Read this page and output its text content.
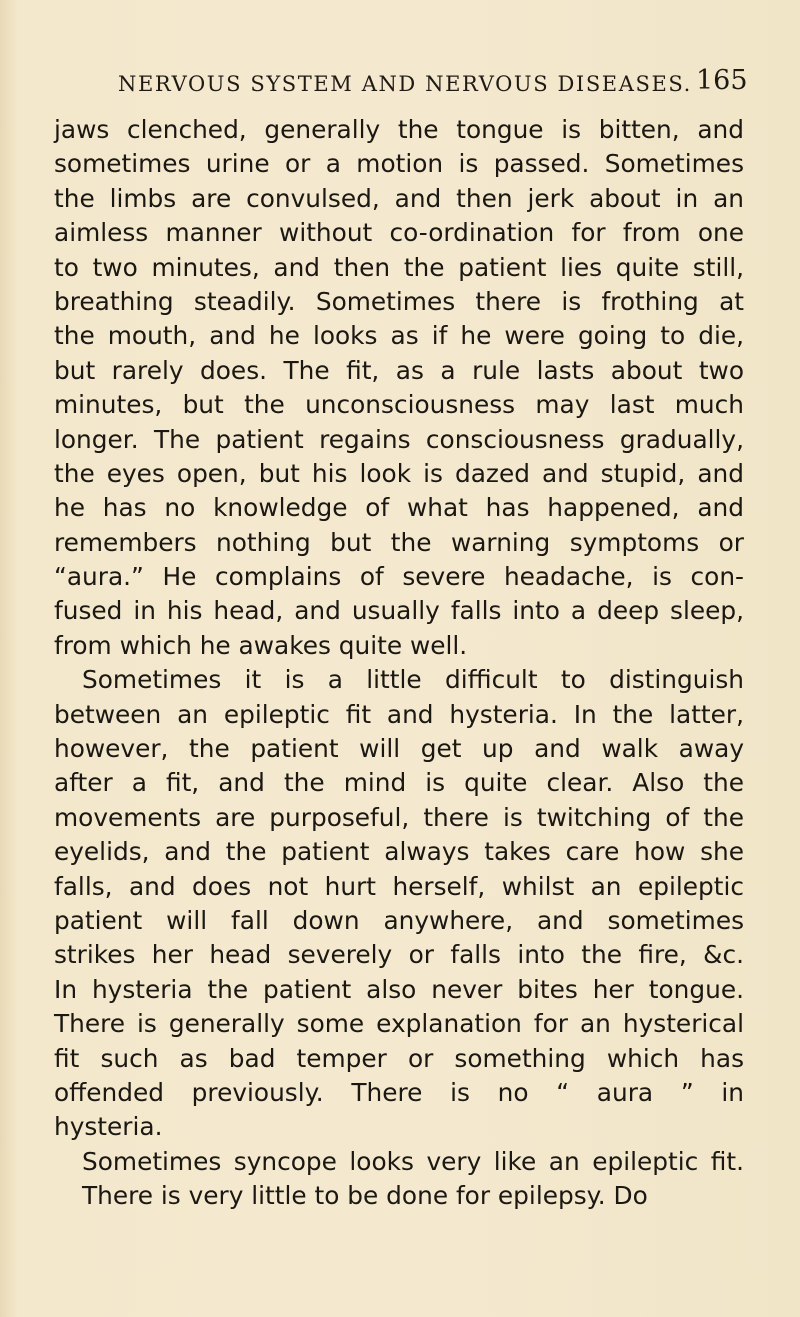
NERVOUS SYSTEM AND NERVOUS DISEASES. 165
jaws clenched, generally the tongue is bitten, and
sometimes urine or a motion is passed. Sometimes
the limbs are convulsed, and then jerk about in an
aimless manner without co-ordination for from one
to two minutes, and then the patient lies quite still,
breathing steadily. Sometimes there is frothing at
the mouth, and he looks as if he were going to die,
but rarely does. The fit, as a rule lasts about two
minutes, but the unconsciousness may last much
longer. The patient regains consciousness gradually,
the eyes open, but his look is dazed and stupid, and
he has no knowledge of what has happened, and
remembers nothing but the warning symptoms or
“aura.” He complains of severe headache, is con-
fused in his head, and usually falls into a deep sleep,
from which he awakes quite well.
Sometimes it is a little difficult to distinguish
between an epileptic fit and hysteria. In the latter,
however, the patient will get up and walk away
after a fit, and the mind is quite clear. Also the
movements are purposeful, there is twitching of the
eyelids, and the patient always takes care how she
falls, and does not hurt herself, whilst an epileptic
patient will fall down anywhere, and sometimes
strikes her head severely or falls into the fire, &c.
In hysteria the patient also never bites her tongue.
There is generally some explanation for an hysterical
fit such as bad temper or something which has
offended previously. There is no “ aura ” in
hysteria.
Sometimes syncope looks very like an epileptic fit.
There is very little to be done for epilepsy. Do
